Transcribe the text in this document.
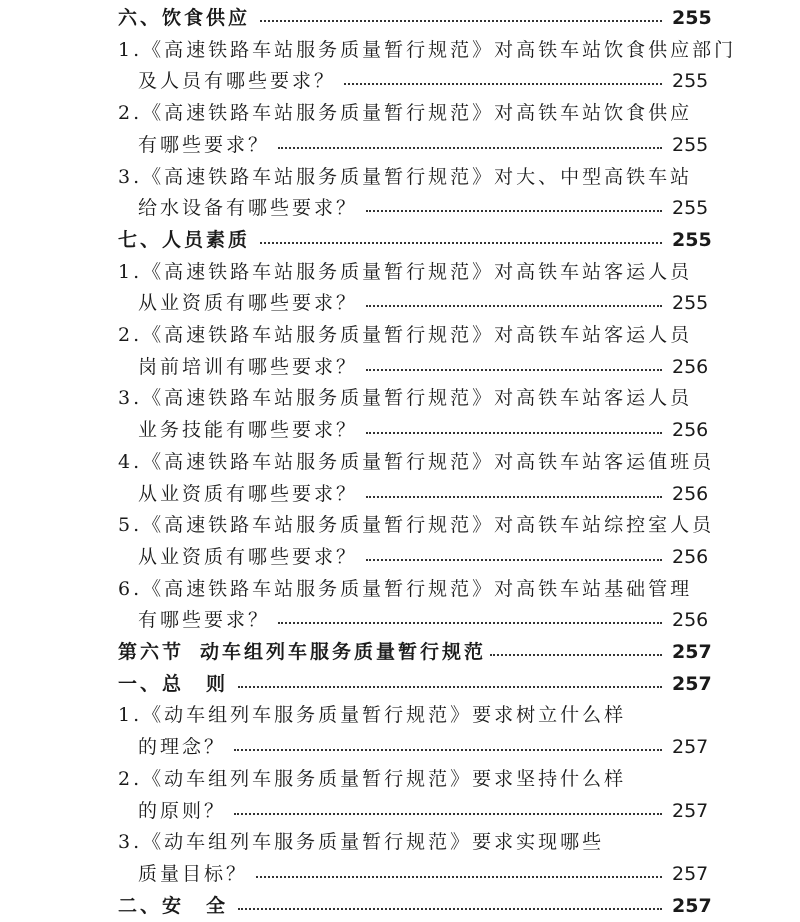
六、饮食供应	255
1.《高速铁路车站服务质量暂行规范》对高铁车站饮食供应部门
及人员有哪些要求？	255
2.《高速铁路车站服务质量暂行规范》对高铁车站饮食供应
有哪些要求？	255
3.《高速铁路车站服务质量暂行规范》对大、中型高铁车站
给水设备有哪些要求？	255
七、人员素质	255
1.《高速铁路车站服务质量暂行规范》对高铁车站客运人员
从业资质有哪些要求？	255
2.《高速铁路车站服务质量暂行规范》对高铁车站客运人员
岗前培训有哪些要求？	256
3.《高速铁路车站服务质量暂行规范》对高铁车站客运人员
业务技能有哪些要求？	256
4.《高速铁路车站服务质量暂行规范》对高铁车站客运值班员
从业资质有哪些要求？	256
5.《高速铁路车站服务质量暂行规范》对高铁车站综控室人员
从业资质有哪些要求？	256
6.《高速铁路车站服务质量暂行规范》对高铁车站基础管理
有哪些要求？	256
第六节 动车组列车服务质量暂行规范	257
一、总　则	257
1.《动车组列车服务质量暂行规范》要求树立什么样
的理念？	257
2.《动车组列车服务质量暂行规范》要求坚持什么样
的原则？	257
3.《动车组列车服务质量暂行规范》要求实现哪些
质量目标？	257
二、安　全	257
